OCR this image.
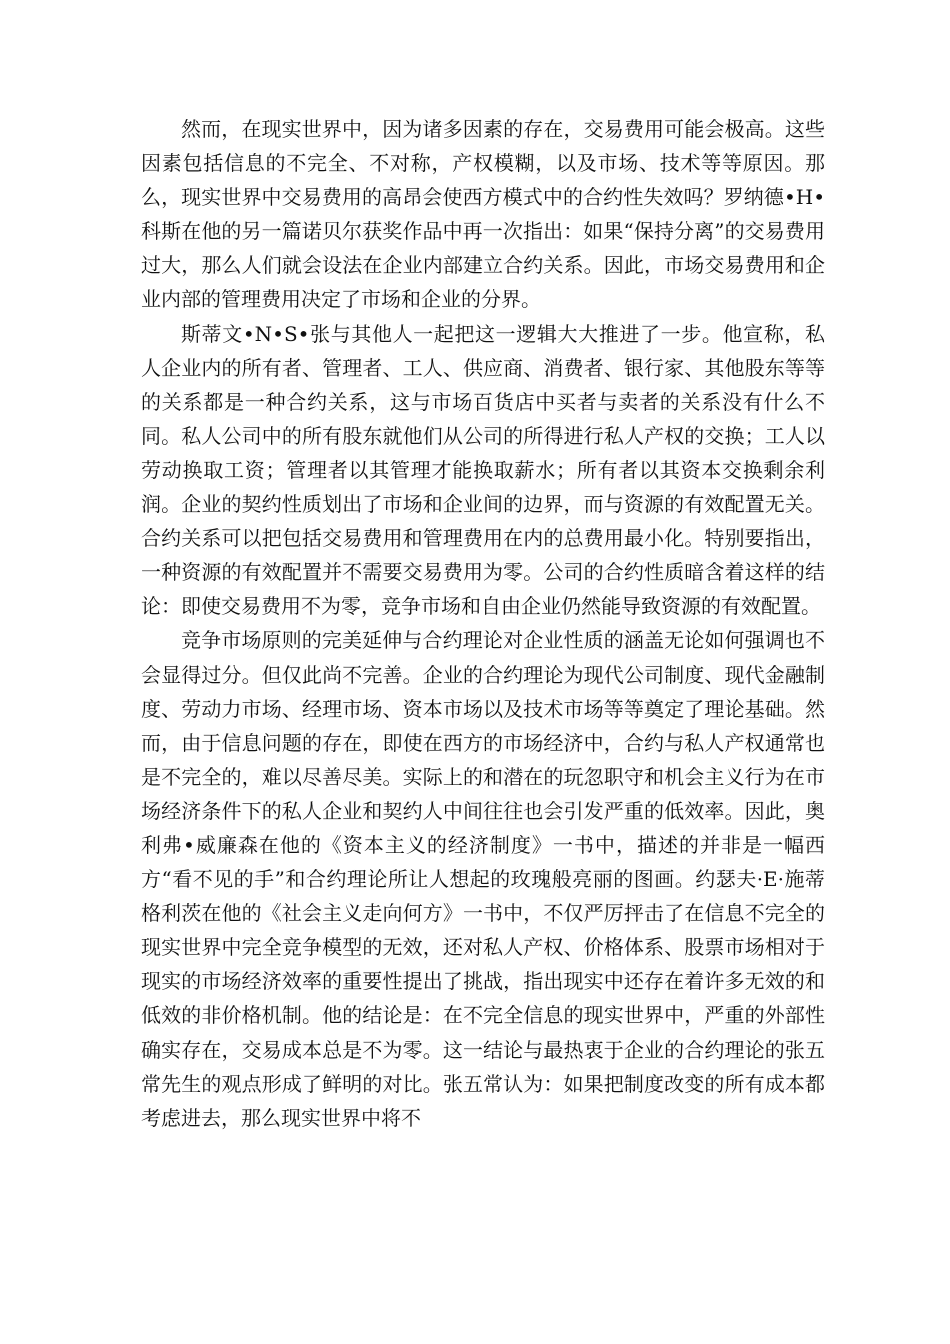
然而，在现实世界中，因为诸多因素的存在，交易费用可能会极高。这些因素包括信息的不完全、不对称，产权模糊，以及市场、技术等等原因。那么，现实世界中交易费用的高昂会使西方模式中的合约性失效吗？罗纳德•H•科斯在他的另一篇诺贝尔获奖作品中再一次指出：如果“保持分离”的交易费用过大，那么人们就会设法在企业内部建立合约关系。因此，市场交易费用和企业内部的管理费用决定了市场和企业的分界。

斯蒂文•N•S•张与其他人一起把这一逻辑大大推进了一步。他宣称，私人企业内的所有者、管理者、工人、供应商、消费者、银行家、其他股东等等的关系都是一种合约关系，这与市场百货店中买者与卖者的关系没有什么不同。私人公司中的所有股东就他们从公司的所得进行私人产权的交换；工人以劳动换取工资；管理者以其管理才能换取薪水；所有者以其资本交换剩余利润。企业的契约性质划出了市场和企业间的边界，而与资源的有效配置无关。合约关系可以把包括交易费用和管理费用在内的总费用最小化。特别要指出，一种资源的有效配置并不需要交易费用为零。公司的合约性质暗含着这样的结论：即使交易费用不为零，竞争市场和自由企业仍然能导致资源的有效配置。

竞争市场原则的完美延伸与合约理论对企业性质的涵盖无论如何强调也不会显得过分。但仅此尚不完善。企业的合约理论为现代公司制度、现代金融制度、劳动力市场、经理市场、资本市场以及技术市场等等奠定了理论基础。然而，由于信息问题的存在，即使在西方的市场经济中，合约与私人产权通常也是不完全的，难以尽善尽美。实际上的和潜在的玩忽职守和机会主义行为在市场经济条件下的私人企业和契约人中间往往也会引发严重的低效率。因此，奥利弗•威廉森在他的《资本主义的经济制度》一书中，描述的并非是一幅西方“看不见的手”和合约理论所让人想起的玫瑰般亮丽的图画。约瑟夫·E·施蒂格利茨在他的《社会主义走向何方》一书中，不仅严厉抨击了在信息不完全的现实世界中完全竞争模型的无效，还对私人产权、价格体系、股票市场相对于现实的市场经济效率的重要性提出了挑战，指出现实中还存在着许多无效的和低效的非价格机制。他的结论是：在不完全信息的现实世界中，严重的外部性确实存在，交易成本总是不为零。这一结论与最热衷于企业的合约理论的张五常先生的观点形成了鲜明的对比。张五常认为：如果把制度改变的所有成本都考虑进去，那么现实世界中将不
